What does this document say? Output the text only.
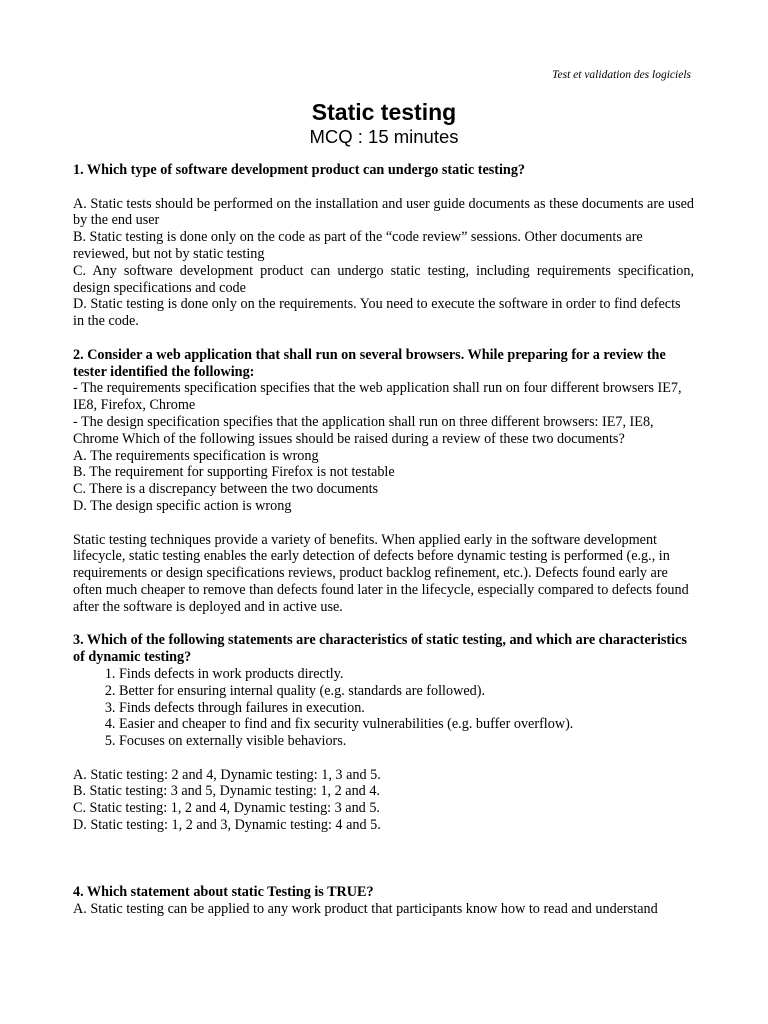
Test et validation des logiciels
Static testing
MCQ : 15 minutes

1. Which type of software development product can undergo static testing?

A. Static tests should be performed on the installation and user guide documents as these documents are used by the end user

B. Static testing is done only on the code as part of the “code review” sessions. Other documents are reviewed, but not by static testing

C. Any software development product can undergo static testing, including requirements specification, design specifications and code

D. Static testing is done only on the requirements. You need to execute the software in order to find defects in the code.

2. Consider a web application that shall run on several browsers. While preparing for a review the tester identified the following:

- The requirements specification specifies that the web application shall run on four different browsers IE7, IE8, Firefox, Chrome

- The design specification specifies that the application shall run on three different browsers: IE7, IE8, Chrome Which of the following issues should be raised during a review of these two documents?

A. The requirements specification is wrong

B. The requirement for supporting Firefox is not testable

C. There is a discrepancy between the two documents

D. The design specific action is wrong

Static testing techniques provide a variety of benefits. When applied early in the software development lifecycle, static testing enables the early detection of defects before dynamic testing is performed (e.g., in requirements or design specifications reviews, product backlog refinement, etc.). Defects found early are often much cheaper to remove than defects found later in the lifecycle, especially compared to defects found after the software is deployed and in active use.

3. Which of the following statements are characteristics of static testing, and which are characteristics of dynamic testing?

1. Finds defects in work products directly.
2. Better for ensuring internal quality (e.g. standards are followed).
3. Finds defects through failures in execution.
4. Easier and cheaper to find and fix security vulnerabilities (e.g. buffer overflow).
5. Focuses on externally visible behaviors.

A. Static testing: 2 and 4, Dynamic testing: 1, 3 and 5.

B. Static testing: 3 and 5, Dynamic testing: 1, 2 and 4.

C. Static testing: 1, 2 and 4, Dynamic testing: 3 and 5.

D. Static testing: 1, 2 and 3, Dynamic testing: 4 and 5.

4. Which statement about static Testing is TRUE?

A. Static testing can be applied to any work product that participants know how to read and understand
